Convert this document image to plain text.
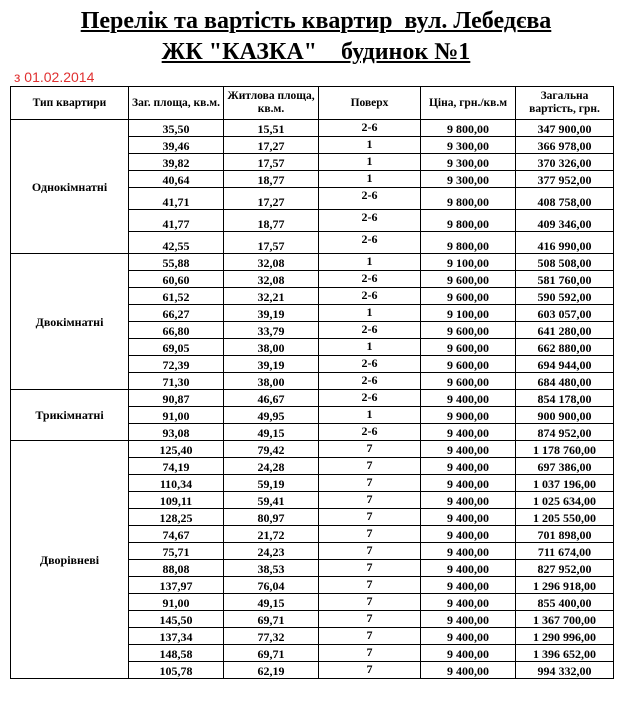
Перелік та вартість квартир  вул. Лебедєва
ЖК "КАЗКА"    будинок №1
з 01.02.2014
Тип квартири	Заг. площа, кв.м.	Житлова площа, кв.м.	Поверх	Ціна, грн./кв.м	Загальна вартість, грн.
Однокімнатні	35,50	15,51	2-6	9 800,00	347 900,00
	39,46	17,27	1	9 300,00	366 978,00
	39,82	17,57	1	9 300,00	370 326,00
	40,64	18,77	1	9 300,00	377 952,00
	41,71	17,27	2-6	9 800,00	408 758,00
	41,77	18,77	2-6	9 800,00	409 346,00
	42,55	17,57	2-6	9 800,00	416 990,00
Двокімнатні	55,88	32,08	1	9 100,00	508 508,00
	60,60	32,08	2-6	9 600,00	581 760,00
	61,52	32,21	2-6	9 600,00	590 592,00
	66,27	39,19	1	9 100,00	603 057,00
	66,80	33,79	2-6	9 600,00	641 280,00
	69,05	38,00	1	9 600,00	662 880,00
	72,39	39,19	2-6	9 600,00	694 944,00
	71,30	38,00	2-6	9 600,00	684 480,00
Трикімнатні	90,87	46,67	2-6	9 400,00	854 178,00
	91,00	49,95	1	9 900,00	900 900,00
	93,08	49,15	2-6	9 400,00	874 952,00
Дворівневі	125,40	79,42	7	9 400,00	1 178 760,00
	74,19	24,28	7	9 400,00	697 386,00
	110,34	59,19	7	9 400,00	1 037 196,00
	109,11	59,41	7	9 400,00	1 025 634,00
	128,25	80,97	7	9 400,00	1 205 550,00
	74,67	21,72	7	9 400,00	701 898,00
	75,71	24,23	7	9 400,00	711 674,00
	88,08	38,53	7	9 400,00	827 952,00
	137,97	76,04	7	9 400,00	1 296 918,00
	91,00	49,15	7	9 400,00	855 400,00
	145,50	69,71	7	9 400,00	1 367 700,00
	137,34	77,32	7	9 400,00	1 290 996,00
	148,58	69,71	7	9 400,00	1 396 652,00
	105,78	62,19	7	9 400,00	994 332,00
